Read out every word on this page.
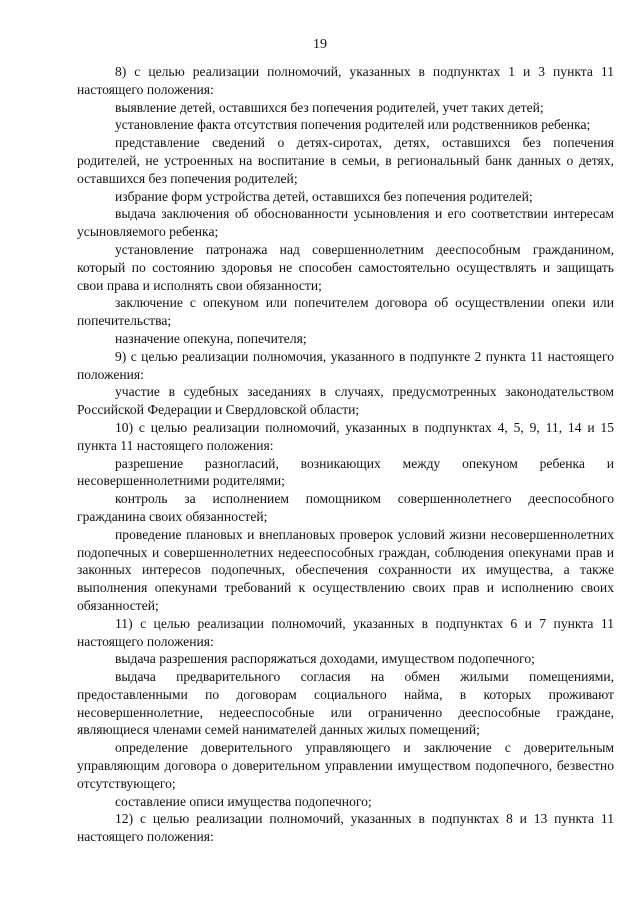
19

8) с целью реализации полномочий, указанных в подпунктах 1 и 3 пункта 11 настоящего положения:

выявление детей, оставшихся без попечения родителей, учет таких детей;

установление факта отсутствия попечения родителей или родственников ребенка;

представление сведений о детях-сиротах, детях, оставшихся без попечения родителей, не устроенных на воспитание в семьи, в региональный банк данных о детях, оставшихся без попечения родителей;

избрание форм устройства детей, оставшихся без попечения родителей;

выдача заключения об обоснованности усыновления и его соответствии интересам усыновляемого ребенка;

установление патронажа над совершеннолетним дееспособным гражданином, который по состоянию здоровья не способен самостоятельно осуществлять и защищать свои права и исполнять свои обязанности;

заключение с опекуном или попечителем договора об осуществлении опеки или попечительства;

назначение опекуна, попечителя;

9) с целью реализации полномочия, указанного в подпункте 2 пункта 11 настоящего положения:

участие в судебных заседаниях в случаях, предусмотренных законодательством Российской Федерации и Свердловской области;

10) с целью реализации полномочий, указанных в подпунктах 4, 5, 9, 11, 14 и 15 пункта 11 настоящего положения:

разрешение разногласий, возникающих между опекуном ребенка и несовершеннолетними родителями;

контроль за исполнением помощником совершеннолетнего дееспособного гражданина своих обязанностей;

проведение плановых и внеплановых проверок условий жизни несовершеннолетних подопечных и совершеннолетних недееспособных граждан, соблюдения опекунами прав и законных интересов подопечных, обеспечения сохранности их имущества, а также выполнения опекунами требований к осуществлению своих прав и исполнению своих обязанностей;

11) с целью реализации полномочий, указанных в подпунктах 6 и 7 пункта 11 настоящего положения:

выдача разрешения распоряжаться доходами, имуществом подопечного;

выдача предварительного согласия на обмен жилыми помещениями, предоставленными по договорам социального найма, в которых проживают несовершеннолетние, недееспособные или ограниченно дееспособные граждане, являющиеся членами семей нанимателей данных жилых помещений;

определение доверительного управляющего и заключение с доверительным управляющим договора о доверительном управлении имуществом подопечного, безвестно отсутствующего;

составление описи имущества подопечного;

12) с целью реализации полномочий, указанных в подпунктах 8 и 13 пункта 11 настоящего положения:
